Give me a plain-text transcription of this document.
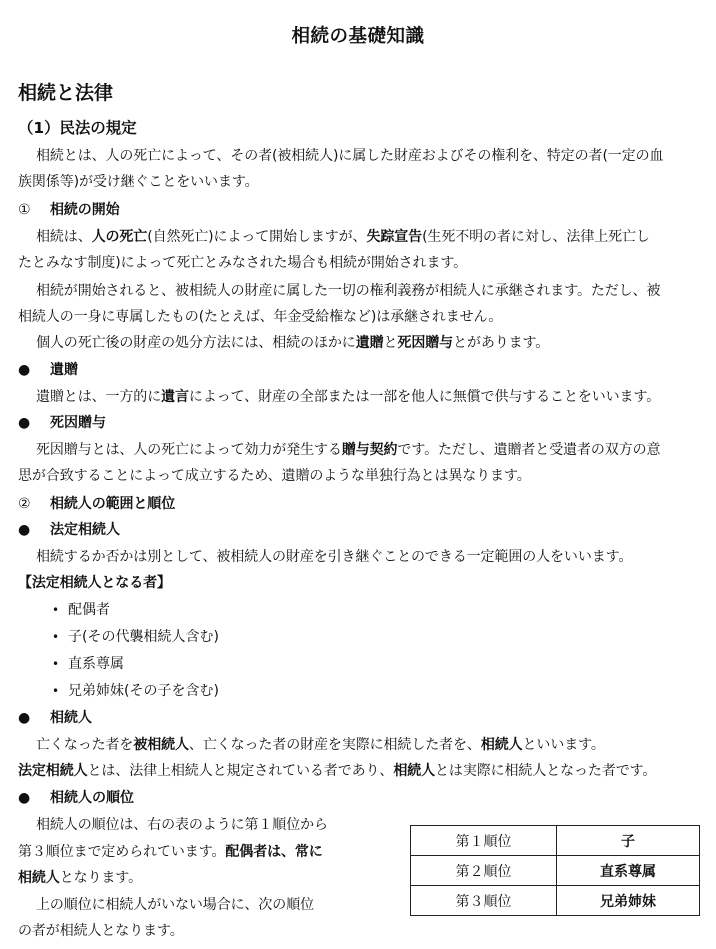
相続の基礎知識
相続と法律
（1）民法の規定
相続とは、人の死亡によって、その者(被相続人)に属した財産およびその権利を、特定の者(一定の血
族関係等)が受け継ぐことをいいます。
① 相続の開始
相続は、人の死亡(自然死亡)によって開始しますが、失踪宣告(生死不明の者に対し、法律上死亡し
たとみなす制度)によって死亡とみなされた場合も相続が開始されます。
相続が開始されると、被相続人の財産に属した一切の権利義務が相続人に承継されます。ただし、被
相続人の一身に専属したもの(たとえば、年金受給権など)は承継されません。
個人の死亡後の財産の処分方法には、相続のほかに遺贈と死因贈与とがあります。
● 遺贈
遺贈とは、一方的に遺言によって、財産の全部または一部を他人に無償で供与することをいいます。
● 死因贈与
死因贈与とは、人の死亡によって効力が発生する贈与契約です。ただし、遺贈者と受遺者の双方の意
思が合致することによって成立するため、遺贈のような単独行為とは異なります。
② 相続人の範囲と順位
● 法定相続人
相続するか否かは別として、被相続人の財産を引き継ぐことのできる一定範囲の人をいいます。
【法定相続人となる者】
• 配偶者
• 子(その代襲相続人含む)
• 直系尊属
• 兄弟姉妹(その子を含む)
● 相続人
亡くなった者を被相続人、亡くなった者の財産を実際に相続した者を、相続人といいます。
法定相続人とは、法律上相続人と規定されている者であり、相続人とは実際に相続人となった者です。
● 相続人の順位
相続人の順位は、右の表のように第１順位から
第３順位まで定められています。配偶者は、常に
相続人となります。
上の順位に相続人がいない場合に、次の順位
の者が相続人となります。
第１順位	子
第２順位	直系尊属
第３順位	兄弟姉妹
